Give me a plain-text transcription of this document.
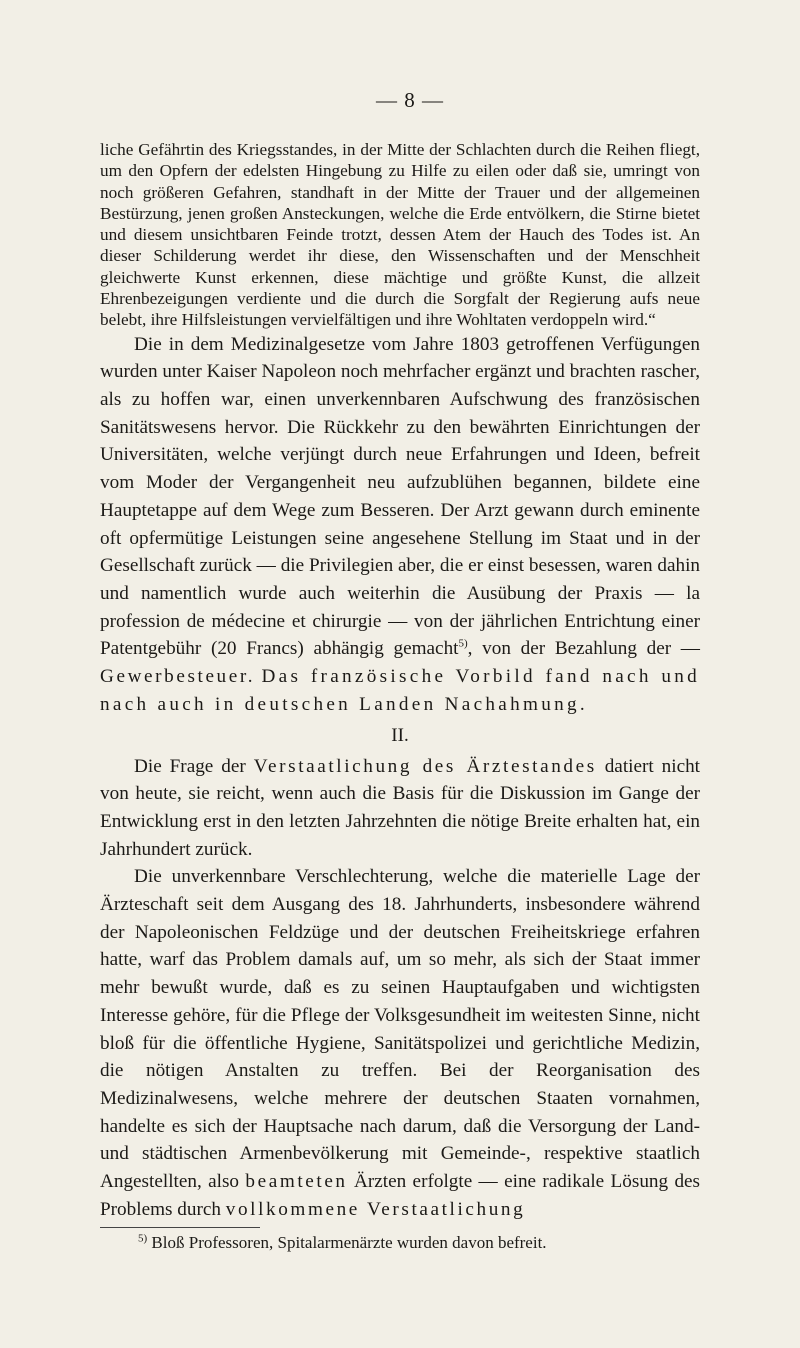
— 8 —

liche Gefährtin des Kriegsstandes, in der Mitte der Schlachten durch die Reihen fliegt, um den Opfern der edelsten Hingebung zu Hilfe zu eilen oder daß sie, umringt von noch größeren Gefahren, standhaft in der Mitte der Trauer und der allgemeinen Bestürzung, jenen großen Ansteckungen, welche die Erde entvölkern, die Stirne bietet und diesem unsichtbaren Feinde trotzt, dessen Atem der Hauch des Todes ist. An dieser Schilderung werdet ihr diese, den Wissenschaften und der Menschheit gleichwerte Kunst erkennen, diese mächtige und größte Kunst, die allzeit Ehrenbezeigungen verdiente und die durch die Sorgfalt der Regierung aufs neue belebt, ihre Hilfsleistungen vervielfältigen und ihre Wohltaten verdoppeln wird.“

Die in dem Medizinalgesetze vom Jahre 1803 getroffenen Verfügungen wurden unter Kaiser Napoleon noch mehrfacher ergänzt und brachten rascher, als zu hoffen war, einen unverkennbaren Aufschwung des französischen Sanitätswesens hervor. Die Rückkehr zu den bewährten Einrichtungen der Universitäten, welche verjüngt durch neue Erfahrungen und Ideen, befreit vom Moder der Vergangenheit neu aufzublühen begannen, bildete eine Hauptetappe auf dem Wege zum Besseren. Der Arzt gewann durch eminente oft opfermütige Leistungen seine angesehene Stellung im Staat und in der Gesellschaft zurück — die Privilegien aber, die er einst besessen, waren dahin und namentlich wurde auch weiterhin die Ausübung der Praxis — la profession de médecine et chirurgie — von der jährlichen Entrichtung einer Patentgebühr (20 Francs) abhängig gemacht$^{5)}$, von der Bezahlung der — Gewerbesteuer. Das französische Vorbild fand nach und nach auch in deutschen Landen Nachahmung.

II.

Die Frage der Verstaatlichung des Ärztestandes datiert nicht von heute, sie reicht, wenn auch die Basis für die Diskussion im Gange der Entwicklung erst in den letzten Jahrzehnten die nötige Breite erhalten hat, ein Jahrhundert zurück.

Die unverkennbare Verschlechterung, welche die materielle Lage der Ärzteschaft seit dem Ausgang des 18. Jahrhunderts, insbesondere während der Napoleonischen Feldzüge und der deutschen Freiheitskriege erfahren hatte, warf das Problem damals auf, um so mehr, als sich der Staat immer mehr bewußt wurde, daß es zu seinen Hauptaufgaben und wichtigsten Interesse gehöre, für die Pflege der Volksgesundheit im weitesten Sinne, nicht bloß für die öffentliche Hygiene, Sanitätspolizei und gerichtliche Medizin, die nötigen Anstalten zu treffen. Bei der Reorganisation des Medizinalwesens, welche mehrere der deutschen Staaten vornahmen, handelte es sich der Hauptsache nach darum, daß die Versorgung der Land- und städtischen Armenbevölkerung mit Gemeinde-, respektive staatlich Angestellten, also beamteten Ärzten erfolgte — eine radikale Lösung des Problems durch vollkommene Verstaatlichung

$^{5)}$ Bloß Professoren, Spitalarmenärzte wurden davon befreit.
